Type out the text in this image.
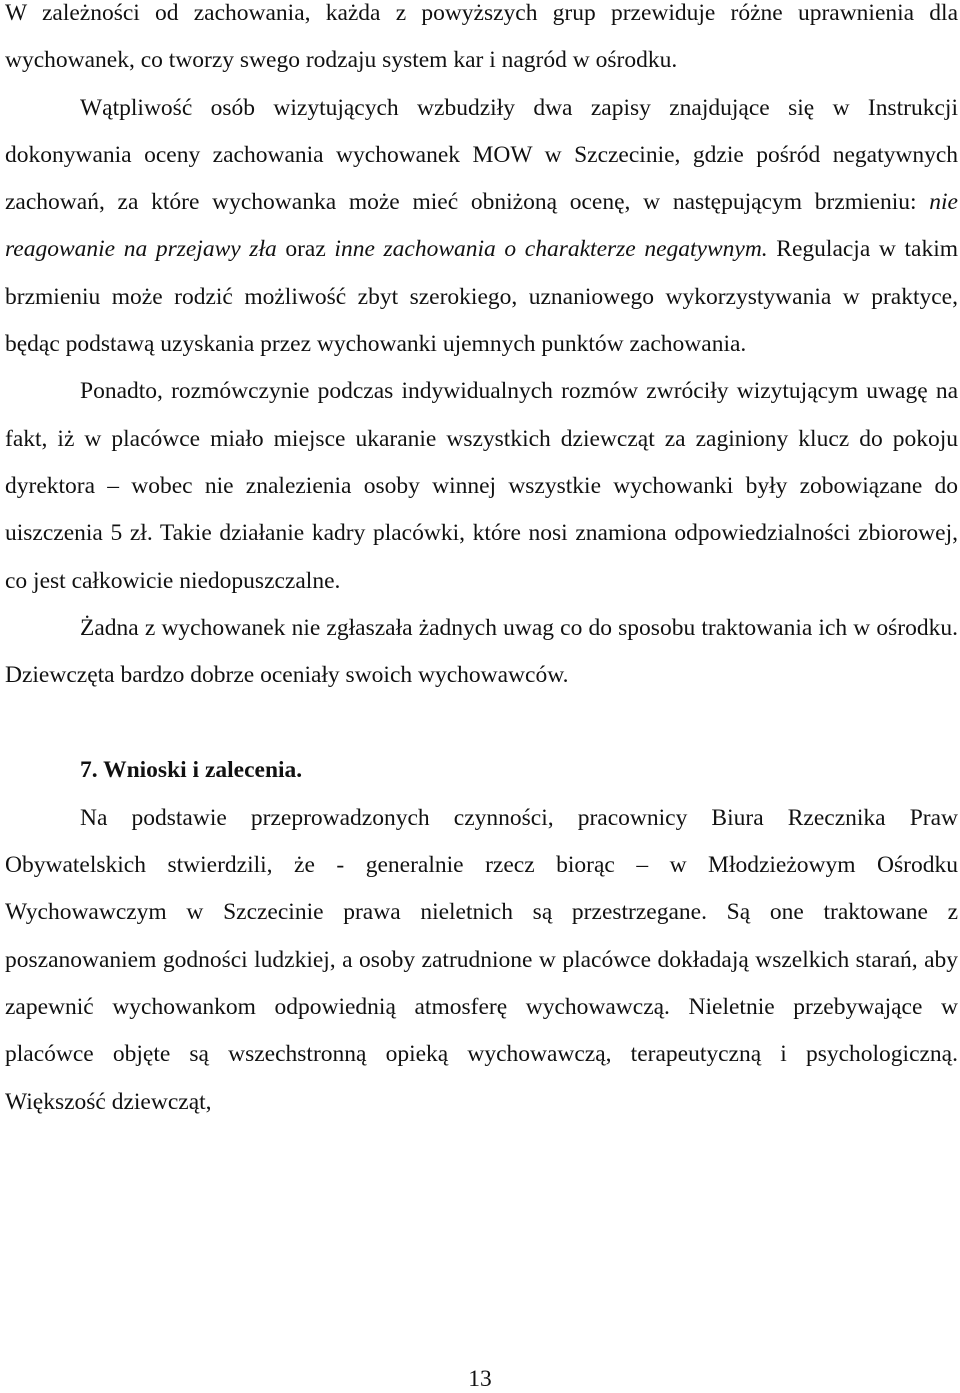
W zależności od zachowania, każda z powyższych grup przewiduje różne uprawnienia dla wychowanek, co tworzy swego rodzaju system kar i nagród w ośrodku.

Wątpliwość osób wizytujących wzbudziły dwa zapisy znajdujące się w Instrukcji dokonywania oceny zachowania wychowanek MOW w Szczecinie, gdzie pośród negatywnych zachowań, za które wychowanka może mieć obniżoną ocenę, w następującym brzmieniu: nie reagowanie na przejawy zła oraz inne zachowania o charakterze negatywnym. Regulacja w takim brzmieniu może rodzić możliwość zbyt szerokiego, uznaniowego wykorzystywania w praktyce, będąc podstawą uzyskania przez wychowanki ujemnych punktów zachowania.

Ponadto, rozmówczynie podczas indywidualnych rozmów zwróciły wizytującym uwagę na fakt, iż w placówce miało miejsce ukaranie wszystkich dziewcząt za zaginiony klucz do pokoju dyrektora – wobec nie znalezienia osoby winnej wszystkie wychowanki były zobowiązane do uiszczenia 5 zł. Takie działanie kadry placówki, które nosi znamiona odpowiedzialności zbiorowej, co jest całkowicie niedopuszczalne.

Żadna z wychowanek nie zgłaszała żadnych uwag co do sposobu traktowania ich w ośrodku. Dziewczęta bardzo dobrze oceniały swoich wychowawców.

7. Wnioski i zalecenia.

Na podstawie przeprowadzonych czynności, pracownicy Biura Rzecznika Praw Obywatelskich stwierdzili, że - generalnie rzecz biorąc – w Młodzieżowym Ośrodku Wychowawczym w Szczecinie prawa nieletnich są przestrzegane. Są one traktowane z poszanowaniem godności ludzkiej, a osoby zatrudnione w placówce dokładają wszelkich starań, aby zapewnić wychowankom odpowiednią atmosferę wychowawczą. Nieletnie przebywające w placówce objęte są wszechstronną opieką wychowawczą, terapeutyczną i psychologiczną. Większość dziewcząt,

13
